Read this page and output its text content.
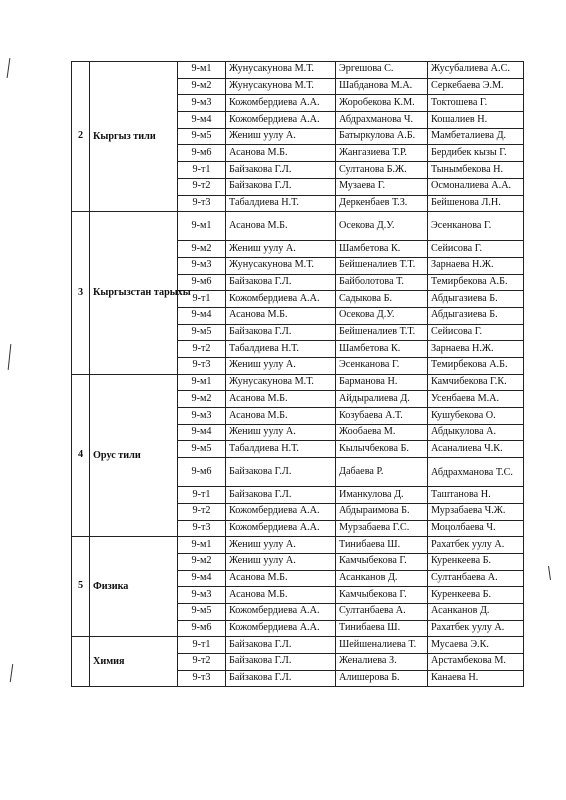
2	Кыргыз тили	9-м1	Жунусакунова М.Т.	Эргешова С.	Жусубалиева А.С.
		9-м2	Жунусакунова М.Т.	Шабданова М.А.	Серкебаева Э.М.
		9-м3	Кожомбердиева А.А.	Жоробекова К.М.	Токтошева Г.
		9-м4	Кожомбердиева А.А.	Абдрахманова Ч.	Кошалиев Н.
		9-м5	Жениш уулу А.	Батыркулова А.Б.	Мамбеталиева Д.
		9-м6	Асанова М.Б.	Жангазиева Т.Р.	Бердибек кызы Г.
		9-т1	Байзакова Г.Л.	Султанова Б.Ж.	Тынымбекова Н.
		9-т2	Байзакова Г.Л.	Музаева Г.	Осмоналиева А.А.
		9-т3	Табалдиева Н.Т.	Деркенбаев Т.З.	Бейшенова Л.Н.
3	Кыргызстан тарыхы	9-м1	Асанова М.Б.	Осекова Д.У.	Эсенканова Г.
		9-м2	Жениш уулу А.	Шамбетова К.	Сейисова Г.
		9-м3	Жунусакунова М.Т.	Бейшеналиев Т.Т.	Зарнаева Н.Ж.
		9-м6	Байзакова Г.Л.	Байболотова Т.	Темирбекова А.Б.
		9-т1	Кожомбердиева А.А.	Садыкова Б.	Абдыгазиева Б.
		9-м4	Асанова М.Б.	Осекова Д.У.	Абдыгазиева Б.
		9-м5	Байзакова Г.Л.	Бейшеналиев Т.Т.	Сейисова Г.
		9-т2	Табалдиева Н.Т.	Шамбетова К.	Зарнаева Н.Ж.
		9-т3	Жениш уулу А.	Эсенканова Г.	Темирбекова А.Б.
4	Орус тили	9-м1	Жунусакунова М.Т.	Барманова Н.	Камчибекова Г.К.
		9-м2	Асанова М.Б.	Айдыралиева Д.	Усенбаева М.А.
		9-м3	Асанова М.Б.	Козубаева А.Т.	Кушубекова О.
		9-м4	Жениш уулу А.	Жообаева М.	Абдыкулова А.
		9-м5	Табалдиева Н.Т.	Кылычбекова Б.	Асаналиева Ч.К.
		9-м6	Байзакова Г.Л.	Дабаева Р.	Абдрахманова Т.С.
		9-т1	Байзакова Г.Л.	Иманкулова Д.	Таштанова Н.
		9-т2	Кожомбердиева А.А.	Абдыраимова Б.	Мурзабаева Ч.Ж.
		9-т3	Кожомбердиева А.А.	Мурзабаева Г.С.	Моцолбаева Ч.
5	Физика	9-м1	Жениш уулу А.	Тинибаева Ш.	Рахатбек уулу А.
		9-м2	Жениш уулу А.	Камчыбекова Г.	Куренкеева Б.
		9-м4	Асанова М.Б.	Асанканов Д.	Султанбаева А.
		9-м3	Асанова М.Б.	Камчыбекова Г.	Куренкеева Б.
		9-м5	Кожомбердиева А.А.	Султанбаева А.	Асанканов Д.
		9-м6	Кожомбердиева А.А.	Тинибаева Ш.	Рахатбек уулу А.
	Химия	9-т1	Байзакова Г.Л.	Шейшеналиева Т.	Мусаева Э.К.
		9-т2	Байзакова Г.Л.	Женалиева З.	Арстамбекова М.
		9-т3	Байзакова Г.Л.	Алишерова Б.	Канаева Н.
